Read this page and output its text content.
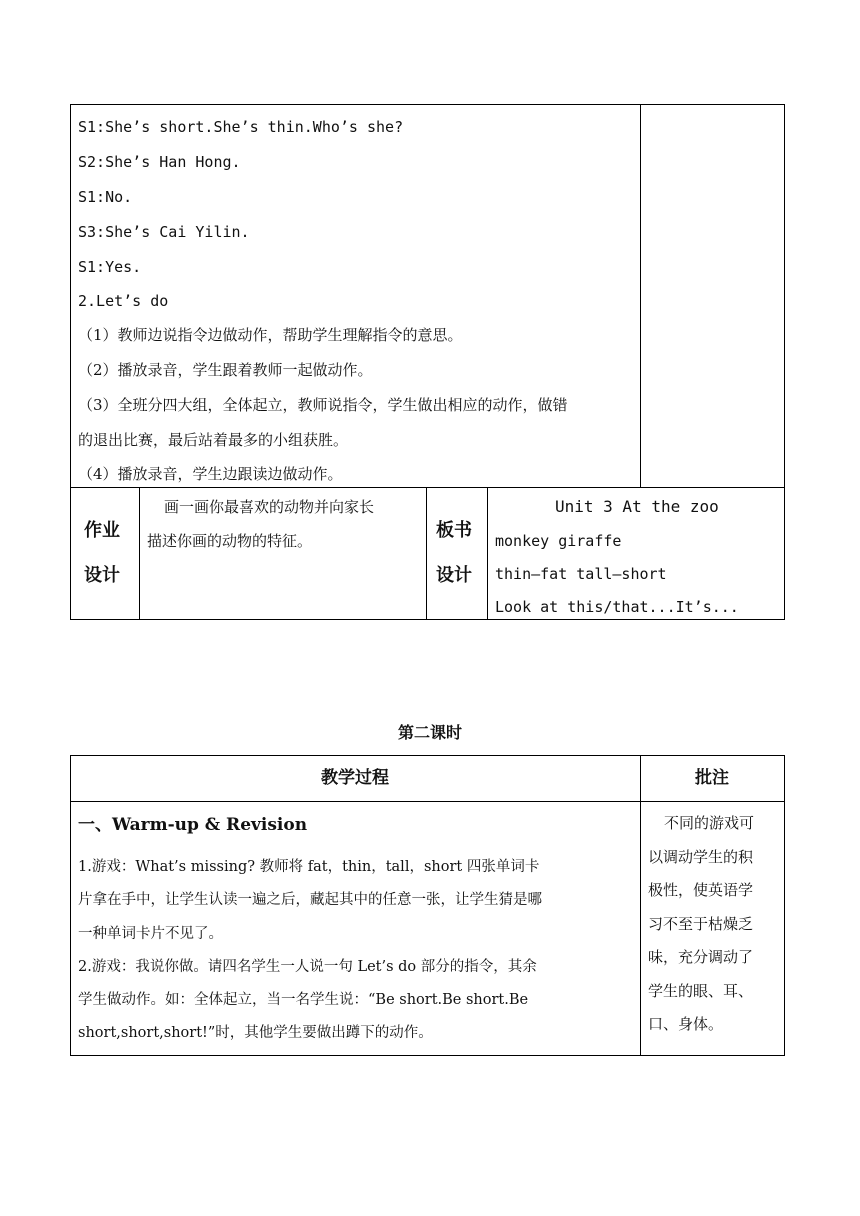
S1:She’s short.She’s thin.Who’s she?
S2:She’s Han Hong.
S1:No.
S3:She’s Cai Yilin.
S1:Yes.
2.Let’s do
（1）教师边说指令边做动作，帮助学生理解指令的意思。
（2）播放录音，学生跟着教师一起做动作。
（3）全班分四大组，全体起立，教师说指令，学生做出相应的动作，做错
的退出比赛，最后站着最多的小组获胜。
（4）播放录音，学生边跟读边做动作。
作业
设计
画一画你最喜欢的动物并向家长
描述你画的动物的特征。	板书
设计
Unit 3 At the zoo
monkey giraffe
thin—fat tall—short
Look at this/that...It’s...
第二课时
教学过程	批注
一、Warm-up & Revision
1.游戏：What’s missing? 教师将 fat，thin，tall，short 四张单词卡
片拿在手中，让学生认读一遍之后，藏起其中的任意一张，让学生猜是哪
一种单词卡片不见了。
2.游戏：我说你做。请四名学生一人说一句 Let’s do 部分的指令，其余
学生做动作。如：全体起立，当一名学生说：“Be short.Be short.Be
short,short,short!”时，其他学生要做出蹲下的动作。
不同的游戏可
以调动学生的积
极性，使英语学
习不至于枯燥乏
味，充分调动了
学生的眼、耳、
口、身体。
